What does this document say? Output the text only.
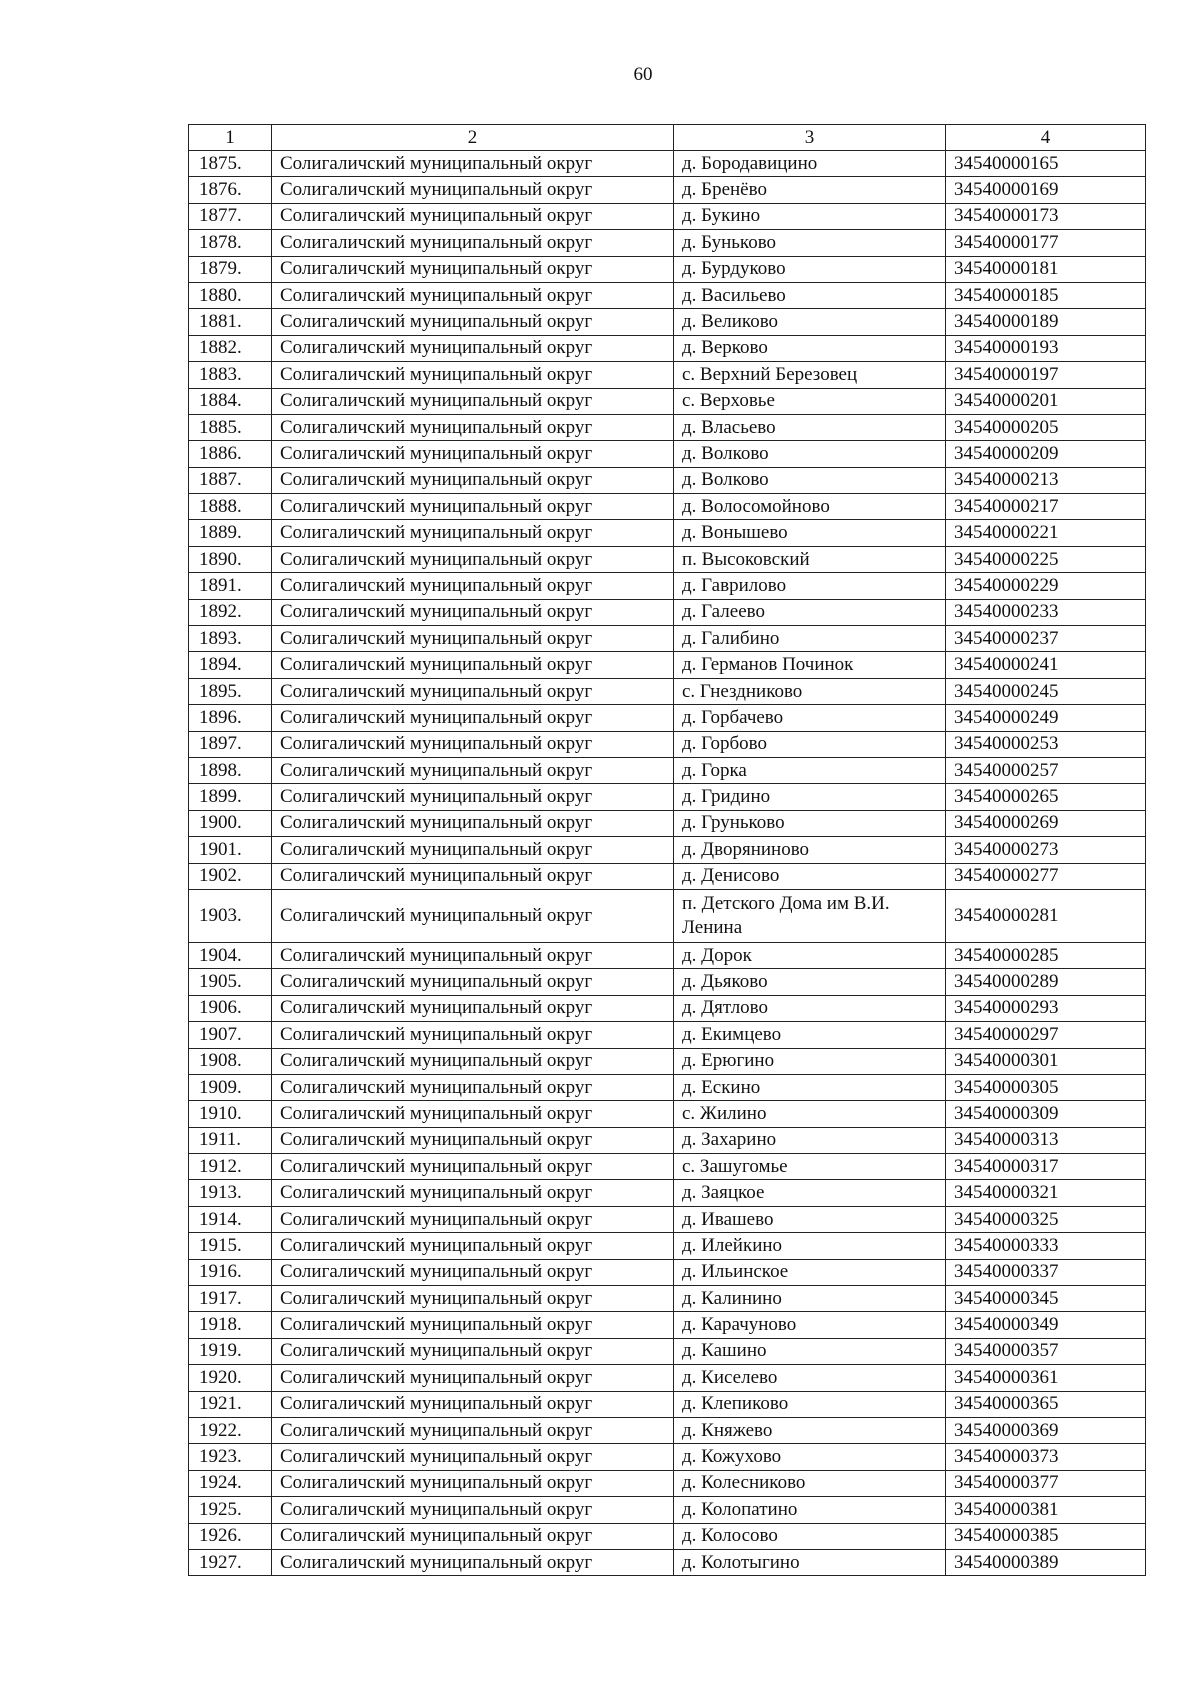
60
1	2	3	4
1875.	Солигаличский муниципальный округ	д. Бородавицино	34540000165
1876.	Солигаличский муниципальный округ	д. Бренёво	34540000169
1877.	Солигаличский муниципальный округ	д. Букино	34540000173
1878.	Солигаличский муниципальный округ	д. Буньково	34540000177
1879.	Солигаличский муниципальный округ	д. Бурдуково	34540000181
1880.	Солигаличский муниципальный округ	д. Васильево	34540000185
1881.	Солигаличский муниципальный округ	д. Великово	34540000189
1882.	Солигаличский муниципальный округ	д. Верково	34540000193
1883.	Солигаличский муниципальный округ	с. Верхний Березовец	34540000197
1884.	Солигаличский муниципальный округ	с. Верховье	34540000201
1885.	Солигаличский муниципальный округ	д. Власьево	34540000205
1886.	Солигаличский муниципальный округ	д. Волково	34540000209
1887.	Солигаличский муниципальный округ	д. Волково	34540000213
1888.	Солигаличский муниципальный округ	д. Волосомойново	34540000217
1889.	Солигаличский муниципальный округ	д. Вонышево	34540000221
1890.	Солигаличский муниципальный округ	п. Высоковский	34540000225
1891.	Солигаличский муниципальный округ	д. Гаврилово	34540000229
1892.	Солигаличский муниципальный округ	д. Галеево	34540000233
1893.	Солигаличский муниципальный округ	д. Галибино	34540000237
1894.	Солигаличский муниципальный округ	д. Германов Починок	34540000241
1895.	Солигаличский муниципальный округ	с. Гнездниково	34540000245
1896.	Солигаличский муниципальный округ	д. Горбачево	34540000249
1897.	Солигаличский муниципальный округ	д. Горбово	34540000253
1898.	Солигаличский муниципальный округ	д. Горка	34540000257
1899.	Солигаличский муниципальный округ	д. Гридино	34540000265
1900.	Солигаличский муниципальный округ	д. Груньково	34540000269
1901.	Солигаличский муниципальный округ	д. Дворяниново	34540000273
1902.	Солигаличский муниципальный округ	д. Денисово	34540000277
1903.	Солигаличский муниципальный округ	п. Детского Дома им В.И. Ленина	34540000281
1904.	Солигаличский муниципальный округ	д. Дорок	34540000285
1905.	Солигаличский муниципальный округ	д. Дьяково	34540000289
1906.	Солигаличский муниципальный округ	д. Дятлово	34540000293
1907.	Солигаличский муниципальный округ	д. Екимцево	34540000297
1908.	Солигаличский муниципальный округ	д. Ерюгино	34540000301
1909.	Солигаличский муниципальный округ	д. Ескино	34540000305
1910.	Солигаличский муниципальный округ	с. Жилино	34540000309
1911.	Солигаличский муниципальный округ	д. Захарино	34540000313
1912.	Солигаличский муниципальный округ	с. Зашугомье	34540000317
1913.	Солигаличский муниципальный округ	д. Заяцкое	34540000321
1914.	Солигаличский муниципальный округ	д. Ивашево	34540000325
1915.	Солигаличский муниципальный округ	д. Илейкино	34540000333
1916.	Солигаличский муниципальный округ	д. Ильинское	34540000337
1917.	Солигаличский муниципальный округ	д. Калинино	34540000345
1918.	Солигаличский муниципальный округ	д. Карачуново	34540000349
1919.	Солигаличский муниципальный округ	д. Кашино	34540000357
1920.	Солигаличский муниципальный округ	д. Киселево	34540000361
1921.	Солигаличский муниципальный округ	д. Клепиково	34540000365
1922.	Солигаличский муниципальный округ	д. Княжево	34540000369
1923.	Солигаличский муниципальный округ	д. Кожухово	34540000373
1924.	Солигаличский муниципальный округ	д. Колесниково	34540000377
1925.	Солигаличский муниципальный округ	д. Колопатино	34540000381
1926.	Солигаличский муниципальный округ	д. Колосово	34540000385
1927.	Солигаличский муниципальный округ	д. Колотыгино	34540000389
